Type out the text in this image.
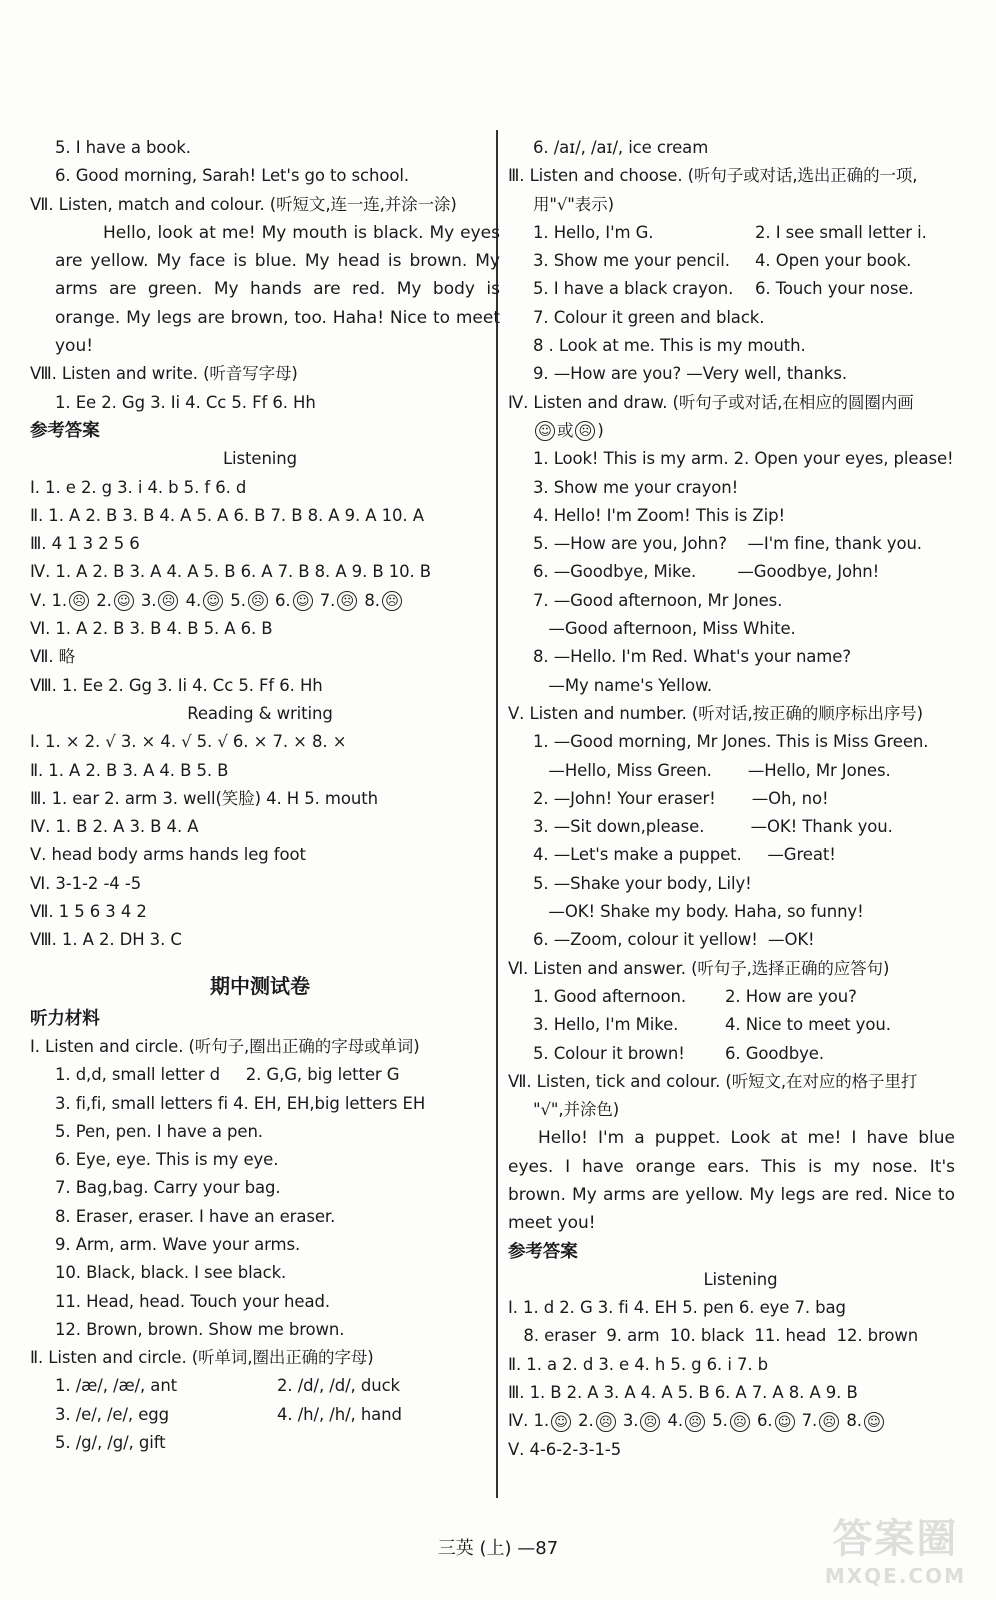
5. I have a book.
6. Good morning, Sarah! Let's go to school.
Ⅶ. Listen, match and colour. (听短文,连一连,并涂一涂)
Hello, look at me! My mouth is black. My eyes are yellow. My face is blue. My head is brown. My arms are green. My hands are red. My body is orange. My legs are brown, too. Haha! Nice to meet you!
Ⅷ. Listen and write. (听音写字母)
1. Ee 2. Gg 3. Ii 4. Cc 5. Ff 6. Hh
参考答案
Listening
Ⅰ. 1. e 2. g 3. i 4. b 5. f 6. d
Ⅱ. 1. A 2. B 3. B 4. A 5. A 6. B 7. B 8. A 9. A 10. A
Ⅲ. 4 1 3 2 5 6
Ⅳ. 1. A 2. B 3. A 4. A 5. B 6. A 7. B 8. A 9. B 10. B
Ⅴ. 1. ☹ 2. ☺ 3. ☹ 4. ☺ 5. ☹ 6. ☺ 7. ☹ 8. ☹
Ⅵ. 1. A 2. B 3. B 4. B 5. A 6. B
Ⅶ. 略
Ⅷ. 1. Ee 2. Gg 3. Ii 4. Cc 5. Ff 6. Hh
Reading & writing
Ⅰ. 1. × 2. √ 3. × 4. √ 5. √ 6. × 7. × 8. ×
Ⅱ. 1. A 2. B 3. A 4. B 5. B
Ⅲ. 1. ear 2. arm 3. well(笑脸) 4. H 5. mouth
Ⅳ. 1. B 2. A 3. B 4. A
Ⅴ. head body arms hands leg foot
Ⅵ. 3-1-2 -4 -5
Ⅶ. 1 5 6 3 4 2
Ⅷ. 1. A 2. DH 3. C
期中测试卷
听力材料
Ⅰ. Listen and circle. (听句子,圈出正确的字母或单词)
1. d,d, small letter d     2. G,G, big letter G
3. fi,fi, small letters fi 4. EH, EH,big letters EH
5. Pen, pen. I have a pen.
6. Eye, eye. This is my eye.
7. Bag,bag. Carry your bag.
8. Eraser, eraser. I have an eraser.
9. Arm, arm. Wave your arms.
10. Black, black. I see black.
11. Head, head. Touch your head.
12. Brown, brown. Show me brown.
Ⅱ. Listen and circle. (听单词,圈出正确的字母)
1. /æ/, /æ/, ant	2. /d/, /d/, duck
3. /e/, /e/, egg	4. /h/, /h/, hand
5. /g/, /g/, gift
6. /aɪ/, /aɪ/, ice cream
Ⅲ. Listen and choose. (听句子或对话,选出正确的一项,
用"√"表示)
1. Hello, I'm G.	2. I see small letter i.
3. Show me your pencil.	4. Open your book.
5. I have a black crayon.	6. Touch your nose.
7. Colour it green and black.
8 . Look at me. This is my mouth.
9. —How are you? —Very well, thanks.
Ⅳ. Listen and draw. (听句子或对话,在相应的圆圈内画
☺ 或 ☹ )
1. Look! This is my arm. 2. Open your eyes, please!
3. Show me your crayon!
4. Hello! I'm Zoom! This is Zip!
5. —How are you, John?    —I'm fine, thank you.
6. —Goodbye, Mike.        —Goodbye, John!
7. —Good afternoon, Mr Jones.
—Good afternoon, Miss White.
8. —Hello. I'm Red. What's your name?
—My name's Yellow.
Ⅴ. Listen and number. (听对话,按正确的顺序标出序号)
1. —Good morning, Mr Jones. This is Miss Green.
—Hello, Miss Green.       —Hello, Mr Jones.
2. —John! Your eraser!       —Oh, no!
3. —Sit down,please.         —OK! Thank you.
4. —Let's make a puppet.     —Great!
5. —Shake your body, Lily!
—OK! Shake my body. Haha, so funny!
6. —Zoom, colour it yellow!  —OK!
Ⅵ. Listen and answer. (听句子,选择正确的应答句)
1. Good afternoon.	2. How are you?
3. Hello, I'm Mike.	4. Nice to meet you.
5. Colour it brown!	6. Goodbye.
Ⅶ. Listen, tick and colour. (听短文,在对应的格子里打
"√",并涂色)
Hello! I'm a puppet. Look at me! I have blue eyes. I have orange ears. This is my nose. It's brown. My arms are yellow. My legs are red. Nice to meet you!
参考答案
Listening
Ⅰ. 1. d 2. G 3. fi 4. EH 5. pen 6. eye 7. bag
8. eraser  9. arm  10. black  11. head  12. brown
Ⅱ. 1. a 2. d 3. e 4. h 5. g 6. i 7. b
Ⅲ. 1. B 2. A 3. A 4. A 5. B 6. A 7. A 8. A 9. B
Ⅳ. 1. ☺ 2. ☹ 3. ☹ 4. ☹ 5. ☹ 6. ☺ 7. ☹ 8. ☺
Ⅴ. 4-6-2-3-1-5
三英 (上) —87	答案圈
MXQE.COM
